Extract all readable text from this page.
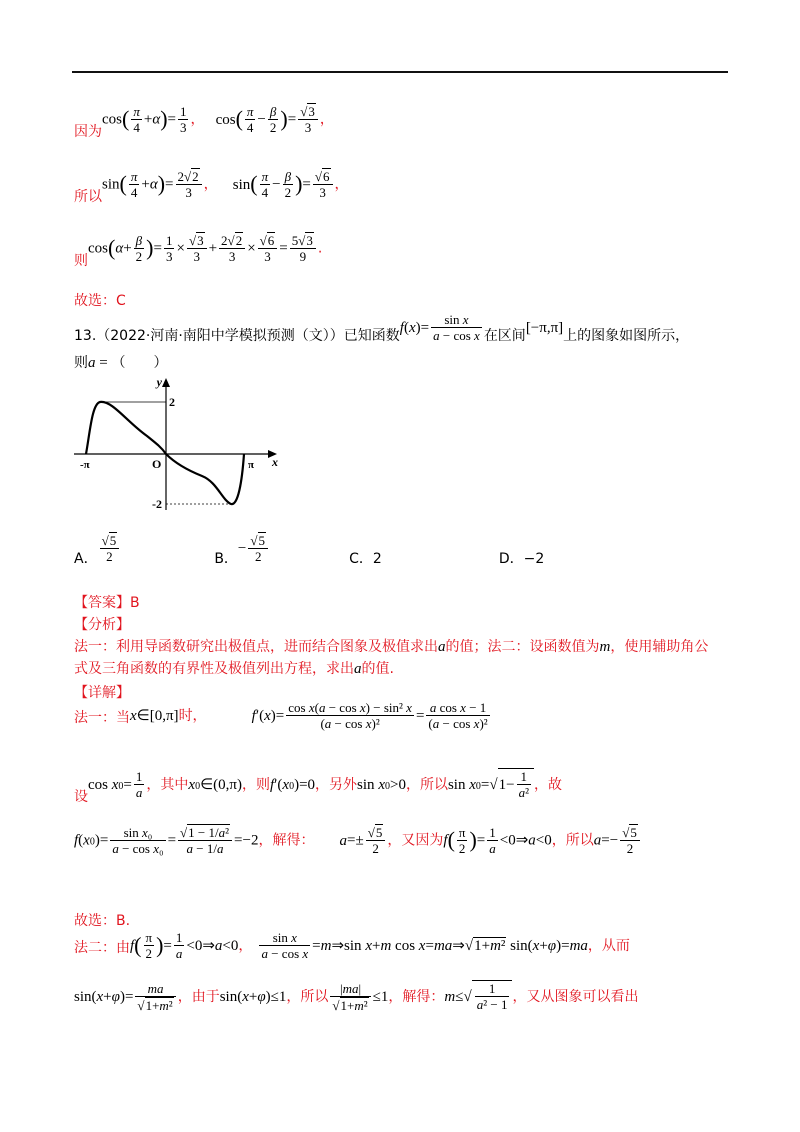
因为$\cos( \frac{\pi}{4} +\alpha)= \frac{1}{3}$ ， $\cos( \frac{\pi}{4} - \frac{\beta}{2}$ )= $\frac{√3}{3}$ ，
所以$\sin( \frac{\pi}{4} +\alpha)= \frac{2√2}{3}$ ， $\sin( \frac{\pi}{4} - \frac{\beta}{2}$ )= $\frac{√6}{3}$ ，
则$\cos(\alpha+ \frac{\beta}{2}$ )= $\frac{1}{3} \times \frac{√3}{3} + \frac{2√2}{3} \times \frac{√6}{3} = \frac{5√3}{9}$ .
故选：C
13.（2022·河南·南阳中学模拟预测（文））已知函数$f(x)= \frac{\text{sin x}}{\text{a − cos x}}$ 在区间[−π,π]上的图象如图所示，
则a = （　　）
y
x
O
-π	π
2
-2
A． $\frac{√5}{2}$	B．− $\frac{√5}{2}$	C．2	D．−2
【答案】B
【分析】
法一：利用导函数研究出极值点，进而结合图象及极值求出a的值；法二：设函数值为m，使用辅助角公
式及三角函数的有界性及极值列出方程，求出a的值.
【详解】
法一：当x∈[0,π]时，	$f'(x)= \frac{\text{cos x(a − cos x) − sin² x}}{\text{(a − cos x)²}} = \frac{\text{a cos x − 1}}{\text{(a − cos x)²}}$
设$\cos x0= \frac{1}{a}$ ，其中x0∈(0,π)，则f′(x0)=0，另外sin x0>0，所以$\sin x0=√1- \frac{1}{\text{a²}}$ ，故
$f(x0)= \frac{\text{sin x₀}}{\text{a − cos x₀}} = \frac{\text{√1 − 1/a²}}{a - 1/a} =-2$，解得： $a=\pm \frac{√5}{2}$ ，又因为$f( \frac{\pi}{2}$ )= $\frac{1}{a}$ <0⇒a<0，所以$a=- \frac{√5}{2}$
故选：B.
法二：由$f( \frac{\pi}{2}$ )= $\frac{1}{a}$ <0⇒a<0， $\frac{\text{sin x}}{\text{a − cos x}}$ =m⇒sin x+m cos x=ma⇒√1+m² sin(x+φ)=ma，从而
$\sin(x+\varphi)= \frac{ma}{\text{√1+m²}}$ ，由于sin(x+φ)≤1，所以 $\frac{|ma|}{\text{√1+m²}} \le 1$，解得：$m\le√ \frac{1}{\text{a² − 1}}$ ，又从图象可以看出
